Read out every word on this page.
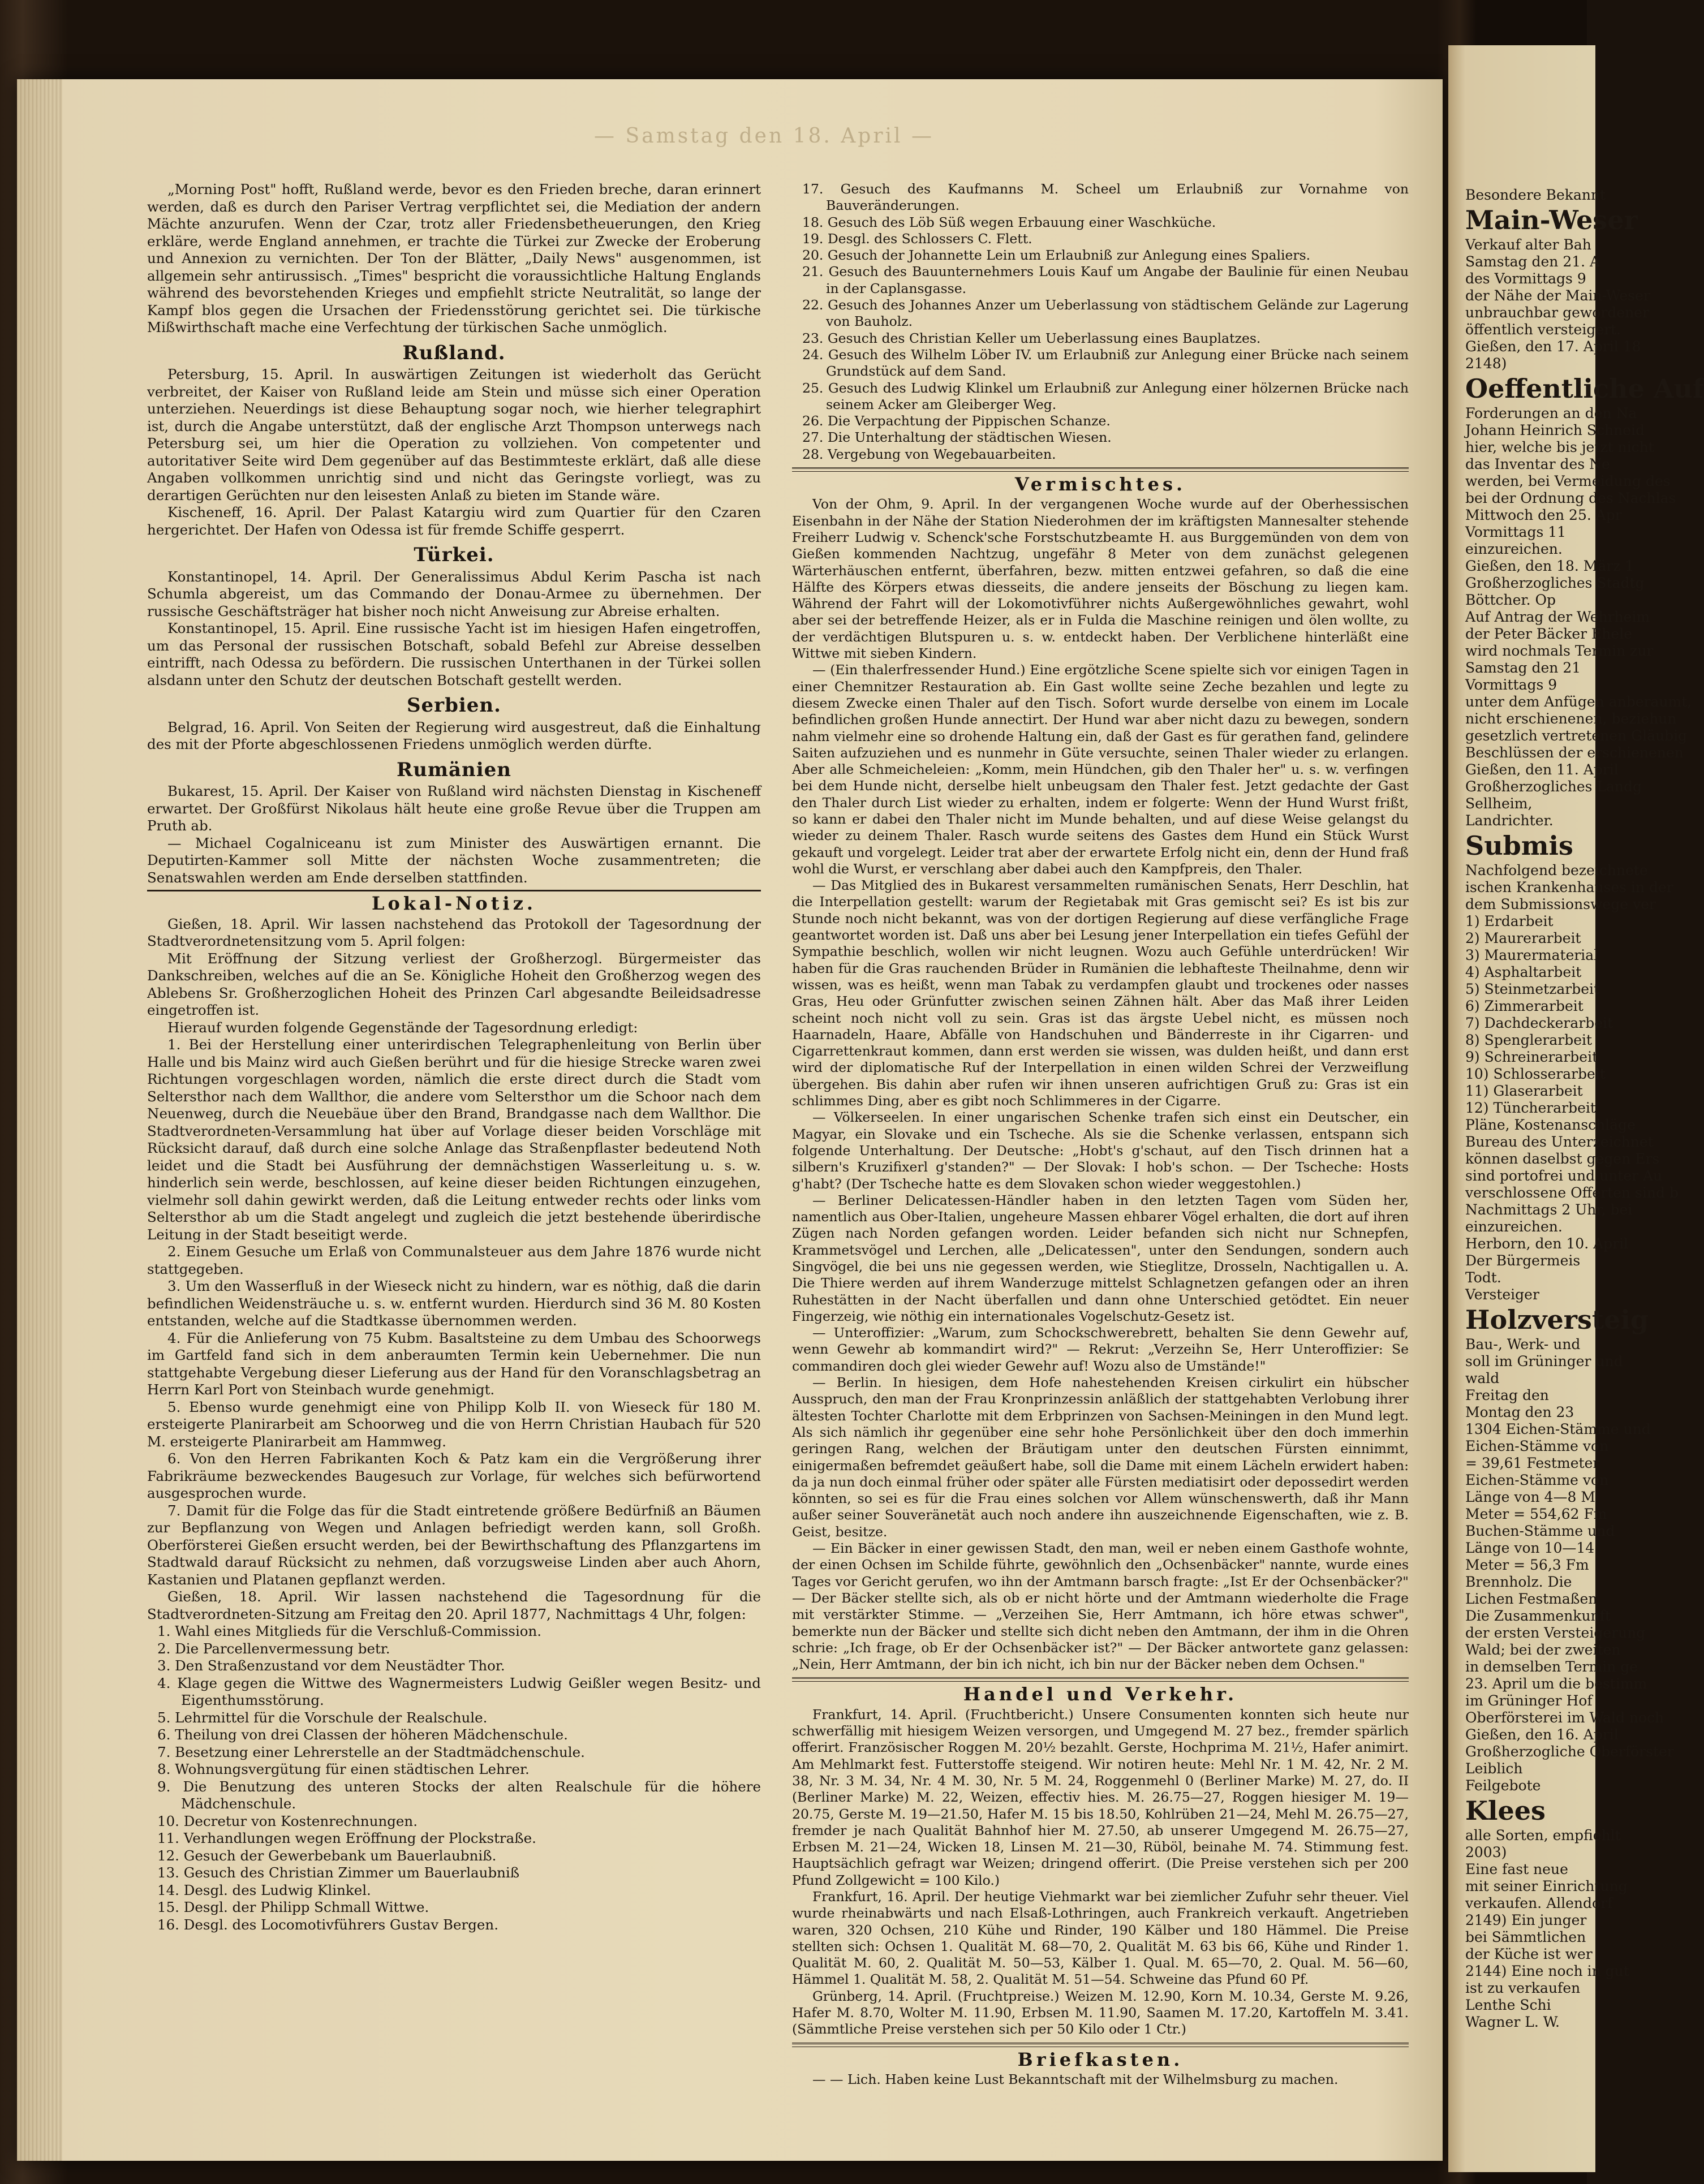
— Samstag den 18. April —

„Morning Post" hofft, Rußland werde, bevor es den Frieden breche, daran erinnert werden, daß es durch den Pariser Vertrag verpflichtet sei, die Mediation der andern Mächte anzurufen. Wenn der Czar, trotz aller Friedensbetheuerungen, den Krieg erkläre, werde England annehmen, er trachte die Türkei zur Zwecke der Eroberung und Annexion zu vernichten. Der Ton der Blätter, „Daily News" ausgenommen, ist allgemein sehr antirussisch. „Times" bespricht die voraussichtliche Haltung Englands während des bevorstehenden Krieges und empfiehlt stricte Neutralität, so lange der Kampf blos gegen die Ursachen der Friedensstörung gerichtet sei. Die türkische Mißwirthschaft mache eine Verfechtung der türkischen Sache unmöglich.

Rußland.

Petersburg, 15. April. In auswärtigen Zeitungen ist wiederholt das Gerücht verbreitet, der Kaiser von Rußland leide am Stein und müsse sich einer Operation unterziehen. Neuerdings ist diese Behauptung sogar noch, wie hierher telegraphirt ist, durch die Angabe unterstützt, daß der englische Arzt Thompson unterwegs nach Petersburg sei, um hier die Operation zu vollziehen. Von competenter und autoritativer Seite wird Dem gegenüber auf das Bestimmteste erklärt, daß alle diese Angaben vollkommen unrichtig sind und nicht das Geringste vorliegt, was zu derartigen Gerüchten nur den leisesten Anlaß zu bieten im Stande wäre.

Kischeneff, 16. April. Der Palast Katargiu wird zum Quartier für den Czaren hergerichtet. Der Hafen von Odessa ist für fremde Schiffe gesperrt.

Türkei.

Konstantinopel, 14. April. Der Generalissimus Abdul Kerim Pascha ist nach Schumla abgereist, um das Commando der Donau-Armee zu übernehmen. Der russische Geschäftsträger hat bisher noch nicht Anweisung zur Abreise erhalten.

Konstantinopel, 15. April. Eine russische Yacht ist im hiesigen Hafen eingetroffen, um das Personal der russischen Botschaft, sobald Befehl zur Abreise desselben eintrifft, nach Odessa zu befördern. Die russischen Unterthanen in der Türkei sollen alsdann unter den Schutz der deutschen Botschaft gestellt werden.

Serbien.

Belgrad, 16. April. Von Seiten der Regierung wird ausgestreut, daß die Einhaltung des mit der Pforte abgeschlossenen Friedens unmöglich werden dürfte.

Rumänien

Bukarest, 15. April. Der Kaiser von Rußland wird nächsten Dienstag in Kischeneff erwartet. Der Großfürst Nikolaus hält heute eine große Revue über die Truppen am Pruth ab.

— Michael Cogalniceanu ist zum Minister des Auswärtigen ernannt. Die Deputirten-Kammer soll Mitte der nächsten Woche zusammentreten; die Senatswahlen werden am Ende derselben stattfinden.

Lokal-Notiz.

Gießen, 18. April. Wir lassen nachstehend das Protokoll der Tagesordnung der Stadtverordnetensitzung vom 5. April folgen:

Mit Eröffnung der Sitzung verliest der Großherzogl. Bürgermeister das Dankschreiben, welches auf die an Se. Königliche Hoheit den Großherzog wegen des Ablebens Sr. Großherzoglichen Hoheit des Prinzen Carl abgesandte Beileidsadresse eingetroffen ist.

Hierauf wurden folgende Gegenstände der Tagesordnung erledigt:

1. Bei der Herstellung einer unterirdischen Telegraphenleitung von Berlin über Halle und bis Mainz wird auch Gießen berührt und für die hiesige Strecke waren zwei Richtungen vorgeschlagen worden, nämlich die erste direct durch die Stadt vom Seltersthor nach dem Wallthor, die andere vom Seltersthor um die Schoor nach dem Neuenweg, durch die Neuebäue über den Brand, Brandgasse nach dem Wallthor. Die Stadtverordneten-Versammlung hat über auf Vorlage dieser beiden Vorschläge mit Rücksicht darauf, daß durch eine solche Anlage das Straßenpflaster bedeutend Noth leidet und die Stadt bei Ausführung der demnächstigen Wasserleitung u. s. w. hinderlich sein werde, beschlossen, auf keine dieser beiden Richtungen einzugehen, vielmehr soll dahin gewirkt werden, daß die Leitung entweder rechts oder links vom Seltersthor ab um die Stadt angelegt und zugleich die jetzt bestehende überirdische Leitung in der Stadt beseitigt werde.

2. Einem Gesuche um Erlaß von Communalsteuer aus dem Jahre 1876 wurde nicht stattgegeben.

3. Um den Wasserfluß in der Wieseck nicht zu hindern, war es nöthig, daß die darin befindlichen Weidensträuche u. s. w. entfernt wurden. Hierdurch sind 36 M. 80 Kosten entstanden, welche auf die Stadtkasse übernommen werden.

4. Für die Anlieferung von 75 Kubm. Basaltsteine zu dem Umbau des Schoorwegs im Gartfeld fand sich in dem anberaumten Termin kein Uebernehmer. Die nun stattgehabte Vergebung dieser Lieferung aus der Hand für den Voranschlagsbetrag an Herrn Karl Port von Steinbach wurde genehmigt.

5. Ebenso wurde genehmigt eine von Philipp Kolb II. von Wieseck für 180 M. ersteigerte Planirarbeit am Schoorweg und die von Herrn Christian Haubach für 520 M. ersteigerte Planirarbeit am Hammweg.

6. Von den Herren Fabrikanten Koch & Patz kam ein die Vergrößerung ihrer Fabrikräume bezweckendes Baugesuch zur Vorlage, für welches sich befürwortend ausgesprochen wurde.

7. Damit für die Folge das für die Stadt eintretende größere Bedürfniß an Bäumen zur Bepflanzung von Wegen und Anlagen befriedigt werden kann, soll Großh. Oberförsterei Gießen ersucht werden, bei der Bewirthschaftung des Pflanzgartens im Stadtwald darauf Rücksicht zu nehmen, daß vorzugsweise Linden aber auch Ahorn, Kastanien und Platanen gepflanzt werden.

Gießen, 18. April. Wir lassen nachstehend die Tagesordnung für die Stadtverordneten-Sitzung am Freitag den 20. April 1877, Nachmittags 4 Uhr, folgen:

1. Wahl eines Mitglieds für die Verschluß-Commission.

2. Die Parcellenvermessung betr.

3. Den Straßenzustand vor dem Neustädter Thor.

4. Klage gegen die Wittwe des Wagnermeisters Ludwig Geißler wegen Besitz- und Eigenthumsstörung.

5. Lehrmittel für die Vorschule der Realschule.

6. Theilung von drei Classen der höheren Mädchenschule.

7. Besetzung einer Lehrerstelle an der Stadtmädchenschule.

8. Wohnungsvergütung für einen städtischen Lehrer.

9. Die Benutzung des unteren Stocks der alten Realschule für die höhere Mädchenschule.

10. Decretur von Kostenrechnungen.

11. Verhandlungen wegen Eröffnung der Plockstraße.

12. Gesuch der Gewerbebank um Bauerlaubniß.

13. Gesuch des Christian Zimmer um Bauerlaubniß

14. Desgl. des Ludwig Klinkel.

15. Desgl. der Philipp Schmall Wittwe.

16. Desgl. des Locomotivführers Gustav Bergen.

17. Gesuch des Kaufmanns M. Scheel um Erlaubniß zur Vornahme von Bauveränderungen.

18. Gesuch des Löb Süß wegen Erbauung einer Waschküche.

19. Desgl. des Schlossers C. Flett.

20. Gesuch der Johannette Lein um Erlaubniß zur Anlegung eines Spaliers.

21. Gesuch des Bauunternehmers Louis Kauf um Angabe der Baulinie für einen Neubau in der Caplansgasse.

22. Gesuch des Johannes Anzer um Ueberlassung von städtischem Gelände zur Lagerung von Bauholz.

23. Gesuch des Christian Keller um Ueberlassung eines Bauplatzes.

24. Gesuch des Wilhelm Löber IV. um Erlaubniß zur Anlegung einer Brücke nach seinem Grundstück auf dem Sand.

25. Gesuch des Ludwig Klinkel um Erlaubniß zur Anlegung einer hölzernen Brücke nach seinem Acker am Gleiberger Weg.

26. Die Verpachtung der Pippischen Schanze.

27. Die Unterhaltung der städtischen Wiesen.

28. Vergebung von Wegebauarbeiten.

Vermischtes.

Von der Ohm, 9. April. In der vergangenen Woche wurde auf der Oberhessischen Eisenbahn in der Nähe der Station Niederohmen der im kräftigsten Mannesalter stehende Freiherr Ludwig v. Schenck'sche Forstschutzbeamte H. aus Burggemünden von dem von Gießen kommenden Nachtzug, ungefähr 8 Meter von dem zunächst gelegenen Wärterhäuschen entfernt, überfahren, bezw. mitten entzwei gefahren, so daß die eine Hälfte des Körpers etwas diesseits, die andere jenseits der Böschung zu liegen kam. Während der Fahrt will der Lokomotivführer nichts Außergewöhnliches gewahrt, wohl aber sei der betreffende Heizer, als er in Fulda die Maschine reinigen und ölen wollte, zu der verdächtigen Blutspuren u. s. w. entdeckt haben. Der Verblichene hinterläßt eine Wittwe mit sieben Kindern.

— (Ein thalerfressender Hund.) Eine ergötzliche Scene spielte sich vor einigen Tagen in einer Chemnitzer Restauration ab. Ein Gast wollte seine Zeche bezahlen und legte zu diesem Zwecke einen Thaler auf den Tisch. Sofort wurde derselbe von einem im Locale befindlichen großen Hunde annectirt. Der Hund war aber nicht dazu zu bewegen, sondern nahm vielmehr eine so drohende Haltung ein, daß der Gast es für gerathen fand, gelindere Saiten aufzuziehen und es nunmehr in Güte versuchte, seinen Thaler wieder zu erlangen. Aber alle Schmeicheleien: „Komm, mein Hündchen, gib den Thaler her" u. s. w. verfingen bei dem Hunde nicht, derselbe hielt unbeugsam den Thaler fest. Jetzt gedachte der Gast den Thaler durch List wieder zu erhalten, indem er folgerte: Wenn der Hund Wurst frißt, so kann er dabei den Thaler nicht im Munde behalten, und auf diese Weise gelangst du wieder zu deinem Thaler. Rasch wurde seitens des Gastes dem Hund ein Stück Wurst gekauft und vorgelegt. Leider trat aber der erwartete Erfolg nicht ein, denn der Hund fraß wohl die Wurst, er verschlang aber dabei auch den Kampfpreis, den Thaler.

— Das Mitglied des in Bukarest versammelten rumänischen Senats, Herr Deschlin, hat die Interpellation gestellt: warum der Regietabak mit Gras gemischt sei? Es ist bis zur Stunde noch nicht bekannt, was von der dortigen Regierung auf diese verfängliche Frage geantwortet worden ist. Daß uns aber bei Lesung jener Interpellation ein tiefes Gefühl der Sympathie beschlich, wollen wir nicht leugnen. Wozu auch Gefühle unterdrücken! Wir haben für die Gras rauchenden Brüder in Rumänien die lebhafteste Theilnahme, denn wir wissen, was es heißt, wenn man Tabak zu verdampfen glaubt und trockenes oder nasses Gras, Heu oder Grünfutter zwischen seinen Zähnen hält. Aber das Maß ihrer Leiden scheint noch nicht voll zu sein. Gras ist das ärgste Uebel nicht, es müssen noch Haarnadeln, Haare, Abfälle von Handschuhen und Bänderreste in ihr Cigarren- und Cigarrettenkraut kommen, dann erst werden sie wissen, was dulden heißt, und dann erst wird der diplomatische Ruf der Interpellation in einen wilden Schrei der Verzweiflung übergehen. Bis dahin aber rufen wir ihnen unseren aufrichtigen Gruß zu: Gras ist ein schlimmes Ding, aber es gibt noch Schlimmeres in der Cigarre.

— Völkerseelen. In einer ungarischen Schenke trafen sich einst ein Deutscher, ein Magyar, ein Slovake und ein Tscheche. Als sie die Schenke verlassen, entspann sich folgende Unterhaltung. Der Deutsche: „Hobt's g'schaut, auf den Tisch drinnen hat a silbern's Kruzifixerl g'standen?" — Der Slovak: I hob's schon. — Der Tscheche: Hosts g'habt? (Der Tscheche hatte es dem Slovaken schon wieder weggestohlen.)

— Berliner Delicatessen-Händler haben in den letzten Tagen vom Süden her, namentlich aus Ober-Italien, ungeheure Massen ehbarer Vögel erhalten, die dort auf ihren Zügen nach Norden gefangen worden. Leider befanden sich nicht nur Schnepfen, Krammetsvögel und Lerchen, alle „Delicatessen", unter den Sendungen, sondern auch Singvögel, die bei uns nie gegessen werden, wie Stieglitze, Drosseln, Nachtigallen u. A. Die Thiere werden auf ihrem Wanderzuge mittelst Schlagnetzen gefangen oder an ihren Ruhestätten in der Nacht überfallen und dann ohne Unterschied getödtet. Ein neuer Fingerzeig, wie nöthig ein internationales Vogelschutz-Gesetz ist.

— Unteroffizier: „Warum, zum Schockschwerebrett, behalten Sie denn Gewehr auf, wenn Gewehr ab kommandirt wird?" — Rekrut: „Verzeihn Se, Herr Unteroffizier: Se commandiren doch glei wieder Gewehr auf! Wozu also de Umstände!"

— Berlin. In hiesigen, dem Hofe nahestehenden Kreisen cirkulirt ein hübscher Ausspruch, den man der Frau Kronprinzessin anläßlich der stattgehabten Verlobung ihrer ältesten Tochter Charlotte mit dem Erbprinzen von Sachsen-Meiningen in den Mund legt. Als sich nämlich ihr gegenüber eine sehr hohe Persönlichkeit über den doch immerhin geringen Rang, welchen der Bräutigam unter den deutschen Fürsten einnimmt, einigermaßen befremdet geäußert habe, soll die Dame mit einem Lächeln erwidert haben: da ja nun doch einmal früher oder später alle Fürsten mediatisirt oder depossedirt werden könnten, so sei es für die Frau eines solchen vor Allem wünschenswerth, daß ihr Mann außer seiner Souveränetät auch noch andere ihn auszeichnende Eigenschaften, wie z. B. Geist, besitze.

— Ein Bäcker in einer gewissen Stadt, den man, weil er neben einem Gasthofe wohnte, der einen Ochsen im Schilde führte, gewöhnlich den „Ochsenbäcker" nannte, wurde eines Tages vor Gericht gerufen, wo ihn der Amtmann barsch fragte: „Ist Er der Ochsenbäcker?" — Der Bäcker stellte sich, als ob er nicht hörte und der Amtmann wiederholte die Frage mit verstärkter Stimme. — „Verzeihen Sie, Herr Amtmann, ich höre etwas schwer", bemerkte nun der Bäcker und stellte sich dicht neben den Amtmann, der ihm in die Ohren schrie: „Ich frage, ob Er der Ochsenbäcker ist?" — Der Bäcker antwortete ganz gelassen: „Nein, Herr Amtmann, der bin ich nicht, ich bin nur der Bäcker neben dem Ochsen."

Handel und Verkehr.

Frankfurt, 14. April. (Fruchtbericht.) Unsere Consumenten konnten sich heute nur schwerfällig mit hiesigem Weizen versorgen, und Umgegend M. 27 bez., fremder spärlich offerirt. Französischer Roggen M. 20½ bezahlt. Gerste, Hochprima M. 21½, Hafer animirt. Am Mehlmarkt fest. Futterstoffe steigend. Wir notiren heute: Mehl Nr. 1 M. 42, Nr. 2 M. 38, Nr. 3 M. 34, Nr. 4 M. 30, Nr. 5 M. 24, Roggenmehl 0 (Berliner Marke) M. 27, do. II (Berliner Marke) M. 22, Weizen, effectiv hies. M. 26.75—27, Roggen hiesiger M. 19—20.75, Gerste M. 19—21.50, Hafer M. 15 bis 18.50, Kohlrüben 21—24, Mehl M. 26.75—27, fremder je nach Qualität Bahnhof hier M. 27.50, ab unserer Umgegend M. 26.75—27, Erbsen M. 21—24, Wicken 18, Linsen M. 21—30, Rüböl, beinahe M. 74. Stimmung fest. Hauptsächlich gefragt war Weizen; dringend offerirt. (Die Preise verstehen sich per 200 Pfund Zollgewicht = 100 Kilo.)

Frankfurt, 16. April. Der heutige Viehmarkt war bei ziemlicher Zufuhr sehr theuer. Viel wurde rheinabwärts und nach Elsaß-Lothringen, auch Frankreich verkauft. Angetrieben waren, 320 Ochsen, 210 Kühe und Rinder, 190 Kälber und 180 Hämmel. Die Preise stellten sich: Ochsen 1. Qualität M. 68—70, 2. Qualität M. 63 bis 66, Kühe und Rinder 1. Qualität M. 60, 2. Qualität M. 50—53, Kälber 1. Qual. M. 65—70, 2. Qual. M. 56—60, Hämmel 1. Qualität M. 58, 2. Qualität M. 51—54. Schweine das Pfund 60 Pf.

Grünberg, 14. April. (Fruchtpreise.) Weizen M. 12.90, Korn M. 10.34, Gerste M. 9.26, Hafer M. 8.70, Wolter M. 11.90, Erbsen M. 11.90, Saamen M. 17.20, Kartoffeln M. 3.41. (Sämmtliche Preise verstehen sich per 50 Kilo oder 1 Ctr.)

Briefkasten.

— — Lich. Haben keine Lust Bekanntschaft mit der Wilhelmsburg zu machen.

Besondere Bekannt
Main-Weser
Verkauf alter Bah
Samstag den 21. A
des Vormittags 9
der Nähe der Main-Weser
unbrauchbar gewordener
öffentlich versteigert.
Gießen, den 17. April 18
2148)
Oeffentliche Auf
Forderungen an den Na
Johann Heinrich Schneid
hier, welche bis jetzt nicht
das Inventar des Ne
werden, bei Vermeidung des
bei der Ordnung des Nachlas
Mittwoch den 25. Apr
Vormittags 11
einzureichen.
Gießen, den 18. März 1
Großherzogliches Stadtg
Böttcher. Op
Auf Antrag der Wehrheim
der Peter Bäcker Ehele
wird nochmals Termin zur
Samstag den 21
Vormittags 9
unter dem Anfügen anberaumt,
nicht erschienenen, beziehun
gesetzlich vertretenen Gläubig
Beschlüssen der erschienenen
Gießen, den 11. April
Großherzogliches Landg
Sellheim,
Landrichter.
Submis
Nachfolgend bezeichnete
ischen Krankenhauses in der
dem Submissionswege ver
1) Erdarbeit
2) Maurerarbeit
3) Maurermaterial
4) Asphaltarbeit
5) Steinmetzarbeit
6) Zimmerarbeit
7) Dachdeckerarbeit
8) Spenglerarbeit
9) Schreinerarbeit
10) Schlosserarbeit
11) Glaserarbeit
12) Tüncherarbeit
Pläne, Kostenanschläge
Bureau des Unterzeichnet
können daselbst gegen Ers
sind portofrei und unter Au
verschlossene Offerten sind b
Nachmittags 2 Uhr, bei
einzureichen.
Herborn, den 10. April
Der Bürgermeis
Todt.
Versteiger
Holzversteig
Bau-, Werk- und
soll im Grüninger und
wald
Freitag den
Montag den 23
1304 Eichen-Stämme und
Eichen-Stämme von
= 39,61 Festmeter
Eichen-Stämme von
Länge von 4—8 M
Meter = 554,62 Fm
Buchen-Stämme und
Länge von 10—14
Meter = 56,3 Fm
Brennholz. Die
Lichen Festmaßen
Die Zusammenkunft
der ersten Versteigerung
Wald; bei der zweiten
in demselben Termin ge
23. April um die bestimm
im Grüninger Hof
Oberförsterei im Wald noch
Gießen, den 16. April
Großherzogliche Oberförster
Leiblich
Feilgebote
Klees
alle Sorten, empfiehlt
2003)
Eine fast neue
mit seiner Einrichtung
verkaufen. Allendorf
2149) Ein junger
bei Sämmtlichen
der Küche ist wer
2144) Eine noch in gut
ist zu verkaufen
Lenthe Schi
Wagner L. W.
